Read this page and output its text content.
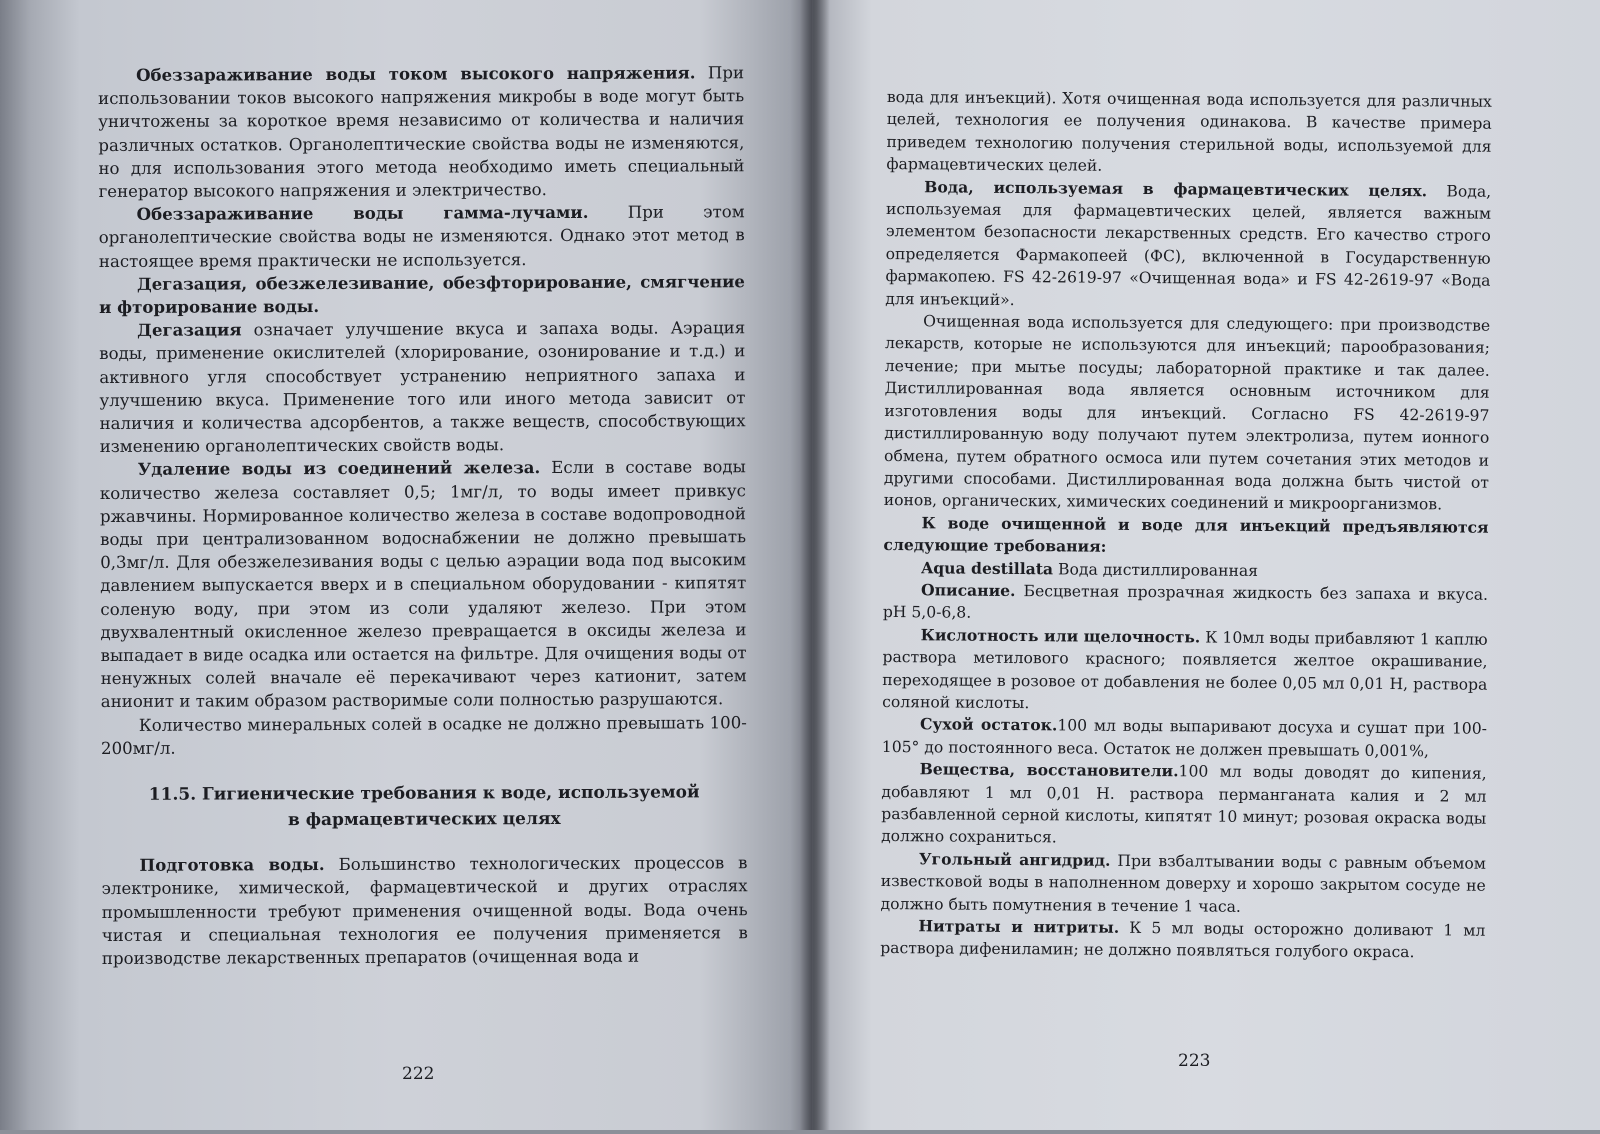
Обеззараживание воды током высокого напряжения. При использовании токов высокого напряжения микробы в воде могут быть уничтожены за короткое время независимо от количества и наличия различных остатков. Органолептические свойства воды не изменяются, но для использования этого метода необходимо иметь специальный генератор высокого напряжения и электричество.

Обеззараживание воды гамма-лучами. При этом органолептические свойства воды не изменяются. Однако этот метод в настоящее время практически не используется.

Дегазация, обезжелезивание, обезфторирование, смягчение и фторирование воды.

Дегазация означает улучшение вкуса и запаха воды. Аэрация воды, применение окислителей (хлорирование, озонирование и т.д.) и активного угля способствует устранению неприятного запаха и улучшению вкуса. Применение того или иного метода зависит от наличия и количества адсорбентов, а также веществ, способствующих изменению органолептических свойств воды.

Удаление воды из соединений железа. Если в составе воды количество железа составляет 0,5; 1мг/л, то воды имеет привкус ржавчины. Нормированное количество железа в составе водопроводной воды при централизованном водоснабжении не должно превышать 0,3мг/л. Для обезжелезивания воды с целью аэрации вода под высоким давлением выпускается вверх и в специальном оборудовании - кипятят соленую воду, при этом из соли удаляют железо. При этом двухвалентный окисленное железо превращается в оксиды железа и выпадает в виде осадка или остается на фильтре. Для очищения воды от ненужных солей вначале её перекачивают через катионит, затем анионит и таким образом растворимые соли полностью разрушаются.

Количество минеральных солей в осадке не должно превышать 100-200мг/л.

11.5. Гигиенические требования к воде, используемой
в фармацевтических целях

Подготовка воды. Большинство технологических процессов в электронике, химической, фармацевтической и других отраслях промышленности требуют применения очищенной воды. Вода очень чистая и специальная технология ее получения применяется в производстве лекарственных препаратов (очищенная вода и

222
223

вода для инъекций). Хотя очищенная вода используется для различных целей, технология ее получения одинакова. В качестве примера приведем технологию получения стерильной воды, используемой для фармацевтических целей.

Вода, используемая в фармацевтических целях. Вода, используемая для фармацевтических целей, является важным элементом безопасности лекарственных средств. Его качество строго определяется Фармакопеей (ФС), включенной в Государственную фармакопею. FS 42-2619-97 «Очищенная вода» и FS 42-2619-97 «Вода для инъекций».

Очищенная вода используется для следующего: при производстве лекарств, которые не используются для инъекций; парообразования; лечение; при мытье посуды; лабораторной практике и так далее. Дистиллированная вода является основным источником для изготовления воды для инъекций. Согласно FS 42-2619-97 дистиллированную воду получают путем электролиза, путем ионного обмена, путем обратного осмоса или путем сочетания этих методов и другими способами. Дистиллированная вода должна быть чистой от ионов, органических, химических соединений и микроорганизмов.

К воде очищенной и воде для инъекций предъявляются следующие требования:

Aqua destillata Вода дистиллированная

Описание. Бесцветная прозрачная жидкость без запаха и вкуса. pH 5,0-6,8.

Кислотность или щелочность. К 10мл воды прибавляют 1 каплю раствора метилового красного; появляется желтое окрашивание, переходящее в розовое от добавления не более 0,05 мл 0,01 Н, раствора соляной кислоты.

Сухой остаток.100 мл воды выпаривают досуха и сушат при 100-105° до постоянного веса. Остаток не должен превышать 0,001%,

Вещества, восстановители.100 мл воды доводят до кипения, добавляют 1 мл 0,01 Н. раствора перманганата калия и 2 мл разбавленной серной кислоты, кипятят 10 минут; розовая окраска воды должно сохраниться.

Угольный ангидрид. При взбалтывании воды с равным объемом известковой воды в наполненном доверху и хорошо закрытом сосуде не должно быть помутнения в течение 1 часа.

Нитраты и нитриты. К 5 мл воды осторожно доливают 1 мл раствора дифениламин; не должно появляться голубого окраса.
